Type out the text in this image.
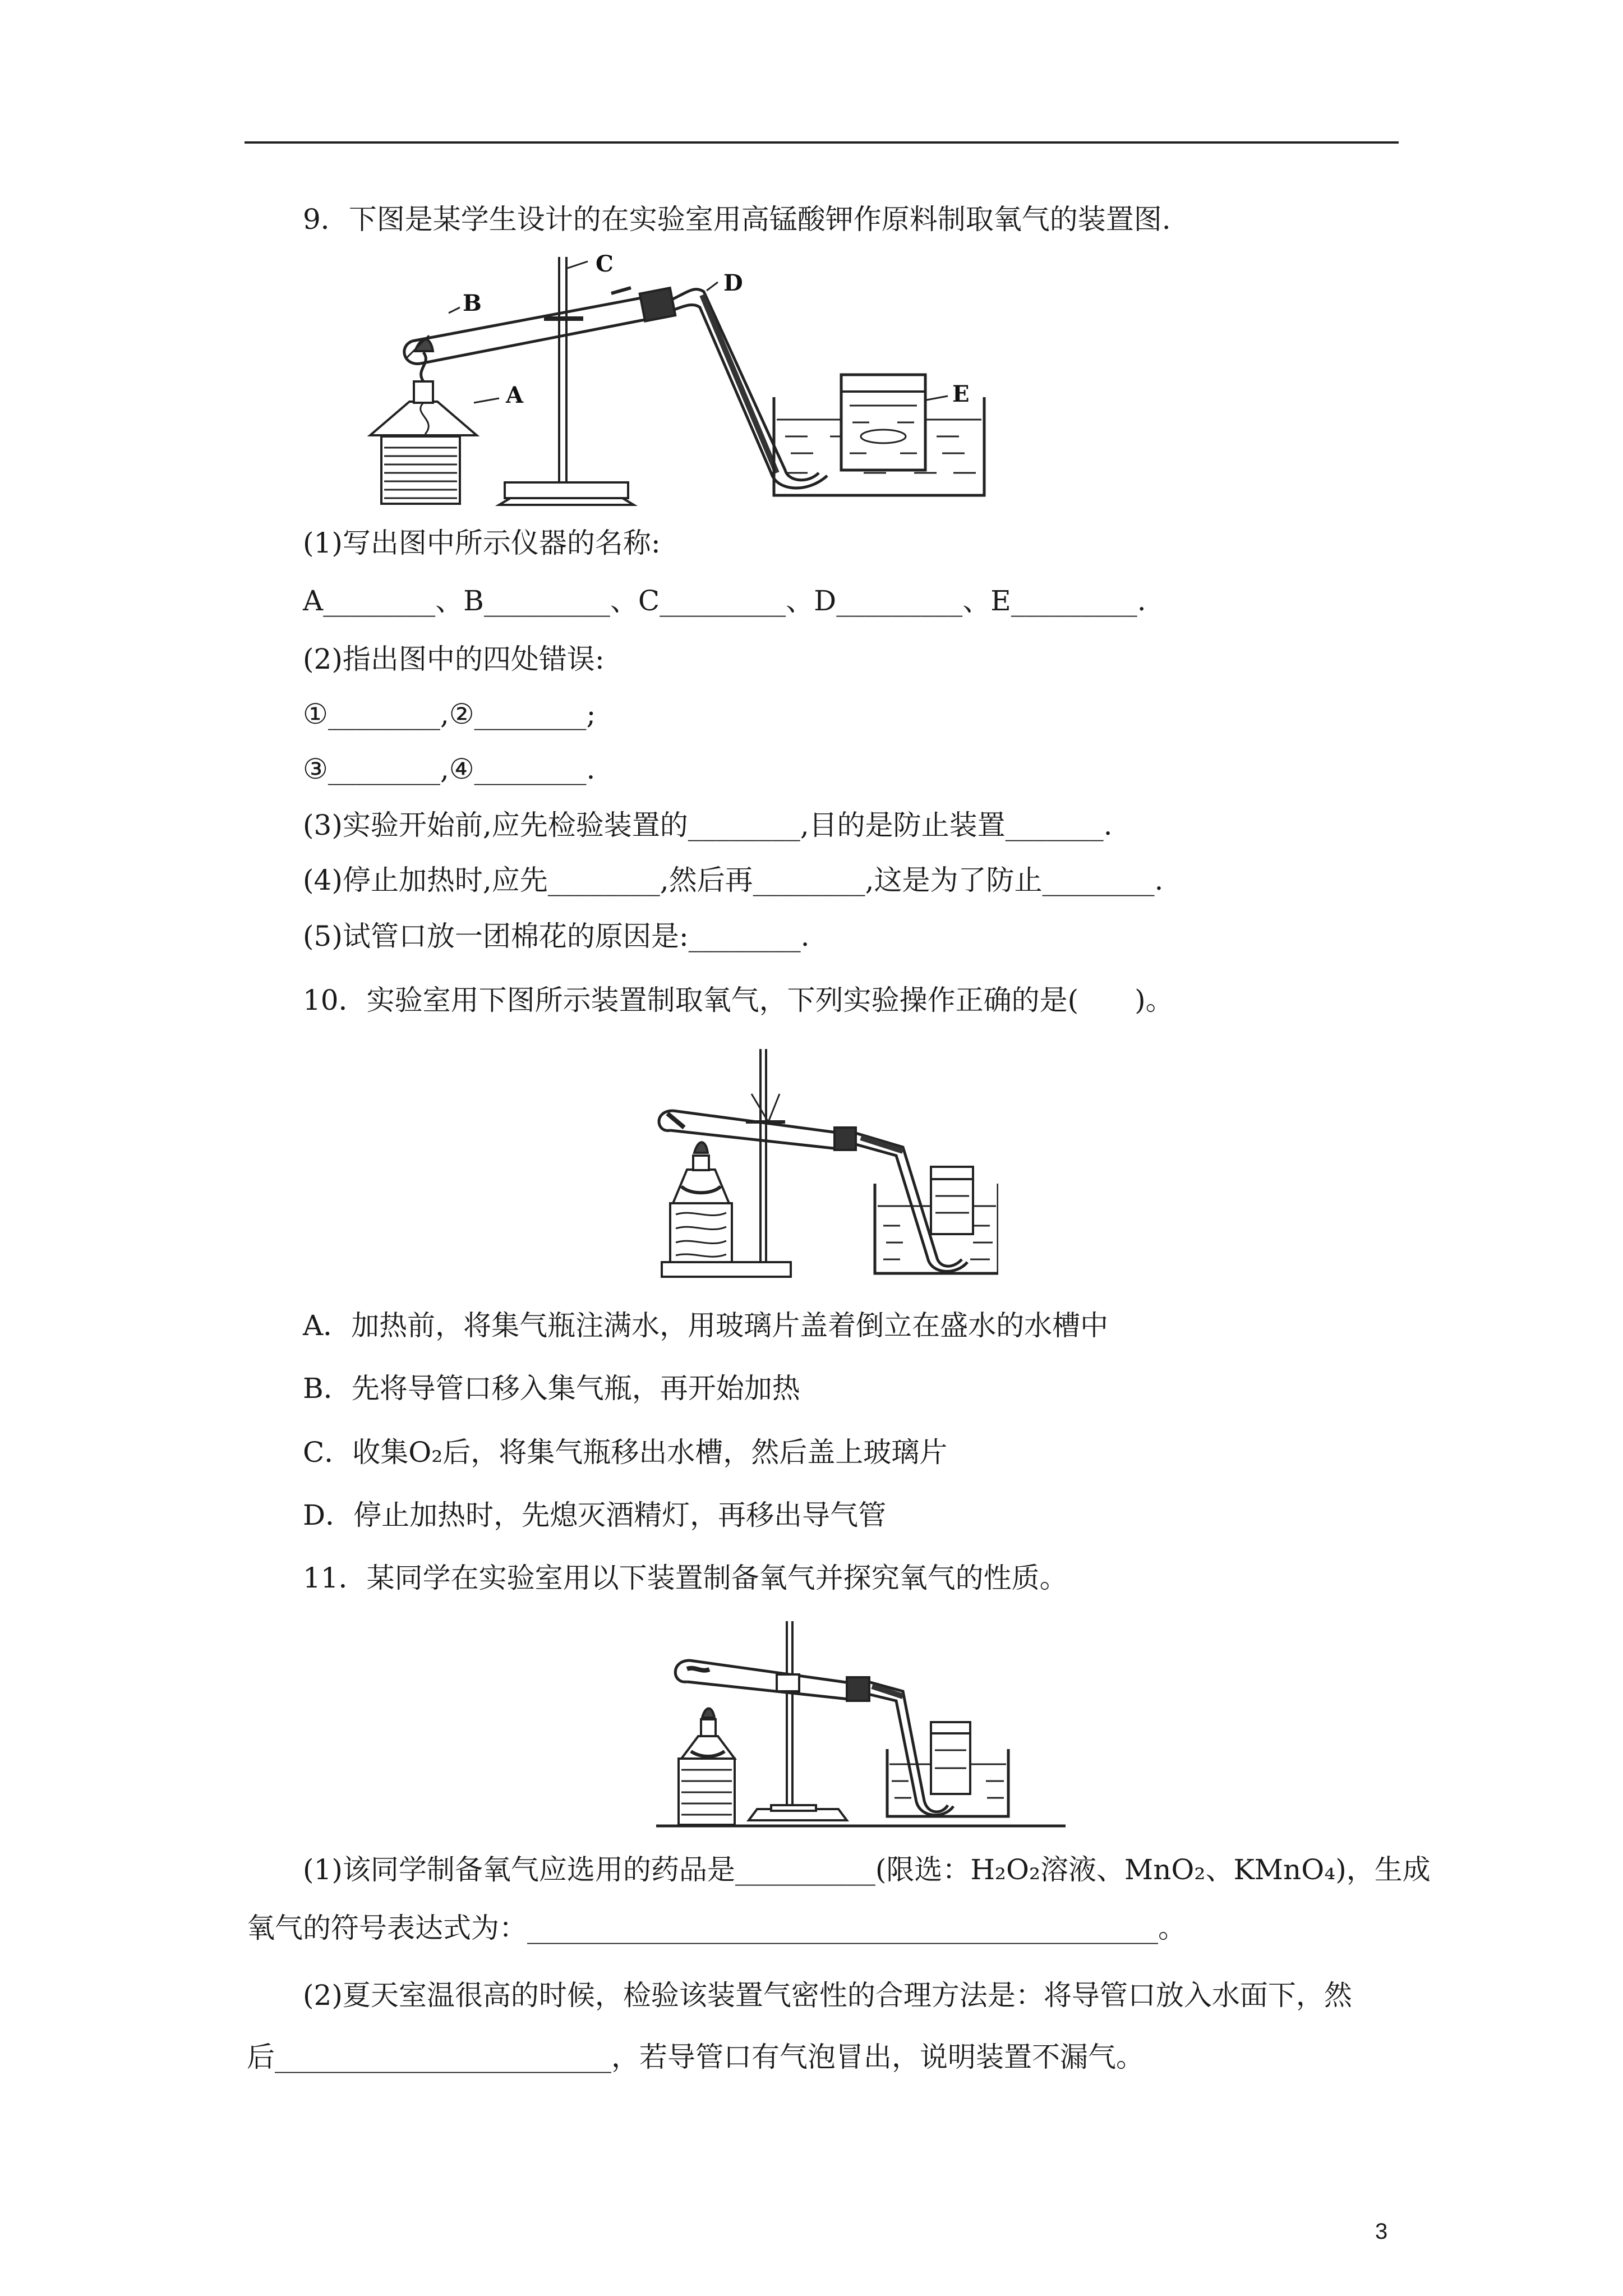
9．下图是某学生设计的在实验室用高锰酸钾作原料制取氧气的装置图.
B
C
D
A	E
(1)写出图中所示仪器的名称:
A________、B_________、C_________、D_________、E_________.
(2)指出图中的四处错误:
①________,②________;
③________,④________.
(3)实验开始前,应先检验装置的________,目的是防止装置_______.
(4)停止加热时,应先________,然后再________,这是为了防止________.
(5)试管口放一团棉花的原因是:________.
10．实验室用下图所示装置制取氧气，下列实验操作正确的是(　　)。
A．加热前，将集气瓶注满水，用玻璃片盖着倒立在盛水的水槽中
B．先将导管口移入集气瓶，再开始加热
C．收集O₂后，将集气瓶移出水槽，然后盖上玻璃片
D．停止加热时，先熄灭酒精灯，再移出导气管
11．某同学在实验室用以下装置制备氧气并探究氧气的性质。
(1)该同学制备氧气应选用的药品是__________(限选：H₂O₂溶液、MnO₂、KMnO₄)，生成
氧气的符号表达式为：_____________________________________________。
(2)夏天室温很高的时候，检验该装置气密性的合理方法是：将导管口放入水面下，然
后________________________，若导管口有气泡冒出，说明装置不漏气。
3
